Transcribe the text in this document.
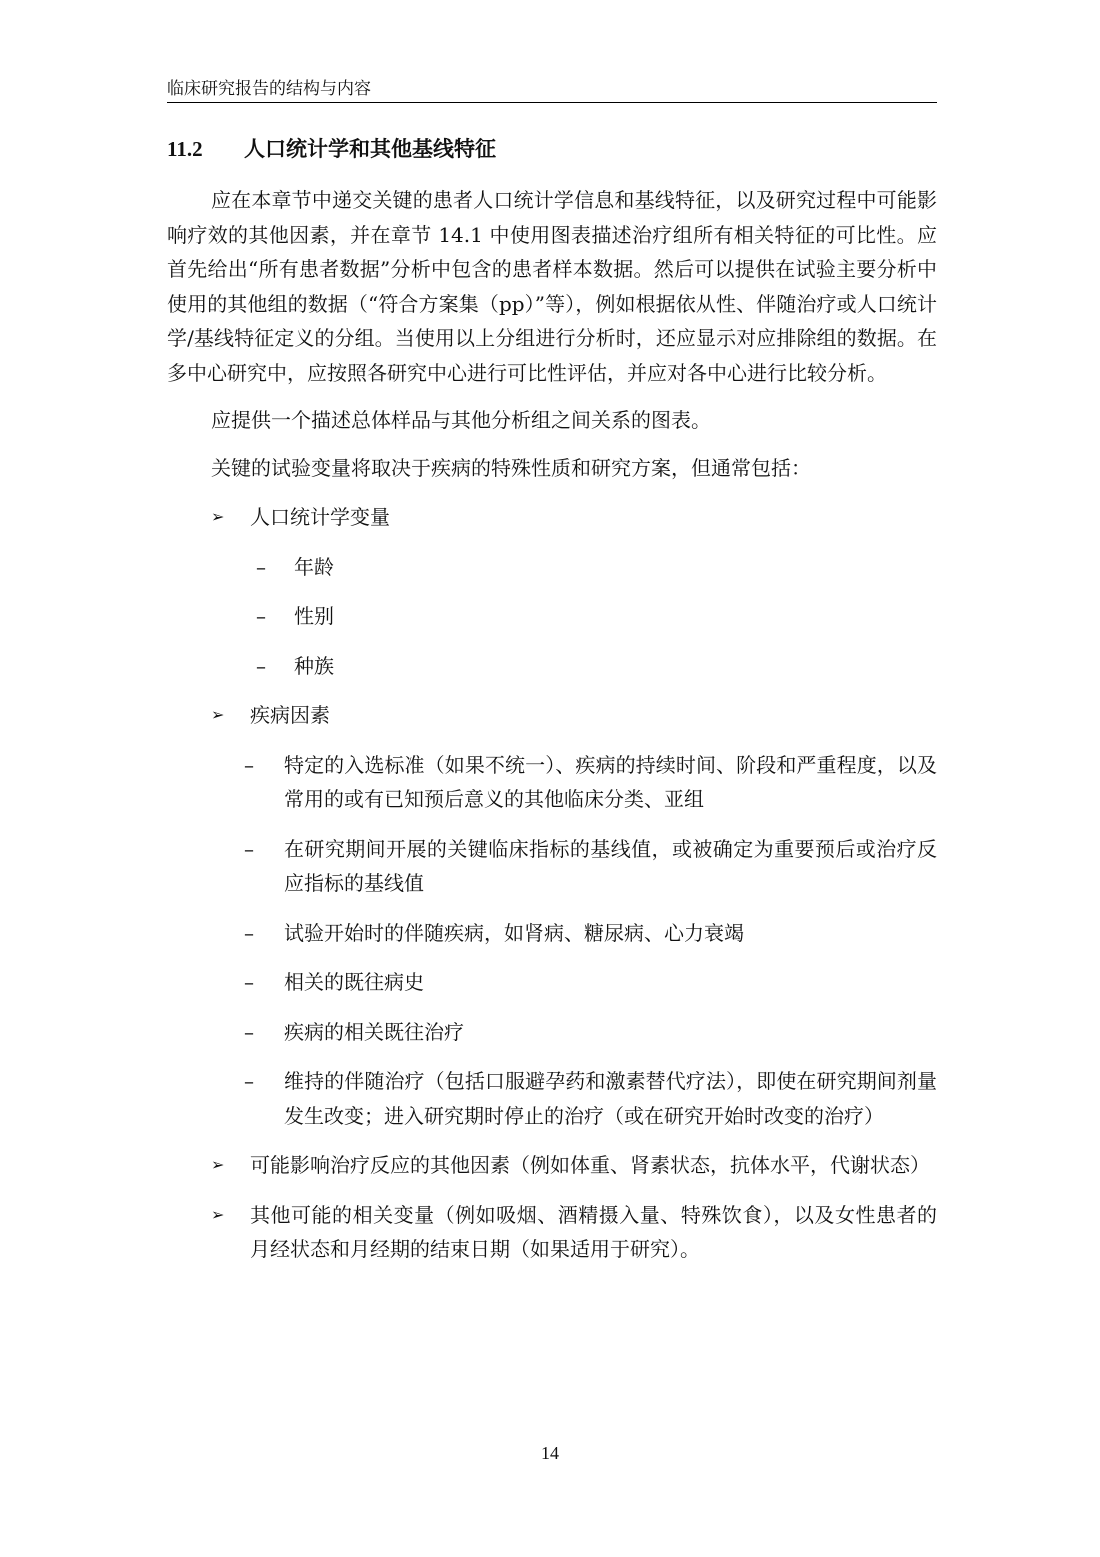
临床研究报告的结构与内容
11.2 人口统计学和其他基线特征

应在本章节中递交关键的患者人口统计学信息和基线特征，以及研究过程中可能影响疗效的其他因素，并在章节 14.1 中使用图表描述治疗组所有相关特征的可比性。应首先给出“所有患者数据”分析中包含的患者样本数据。然后可以提供在试验主要分析中使用的其他组的数据（“符合方案集（pp）”等），例如根据依从性、伴随治疗或人口统计学/基线特征定义的分组。当使用以上分组进行分析时，还应显示对应排除组的数据。在多中心研究中，应按照各研究中心进行可比性评估，并应对各中心进行比较分析。

应提供一个描述总体样品与其他分析组之间关系的图表。

关键的试验变量将取决于疾病的特殊性质和研究方案，但通常包括：

➢ 人口统计学变量
– 年龄
– 性别
– 种族
➢ 疾病因素
– 特定的入选标准（如果不统一）、疾病的持续时间、阶段和严重程度，以及常用的或有已知预后意义的其他临床分类、亚组
– 在研究期间开展的关键临床指标的基线值，或被确定为重要预后或治疗反应指标的基线值
– 试验开始时的伴随疾病，如肾病、糖尿病、心力衰竭
– 相关的既往病史
– 疾病的相关既往治疗
– 维持的伴随治疗（包括口服避孕药和激素替代疗法），即使在研究期间剂量发生改变；进入研究期时停止的治疗（或在研究开始时改变的治疗）
➢ 可能影响治疗反应的其他因素（例如体重、肾素状态，抗体水平，代谢状态）
➢ 其他可能的相关变量（例如吸烟、酒精摄入量、特殊饮食），以及女性患者的月经状态和月经期的结束日期（如果适用于研究）。
14
